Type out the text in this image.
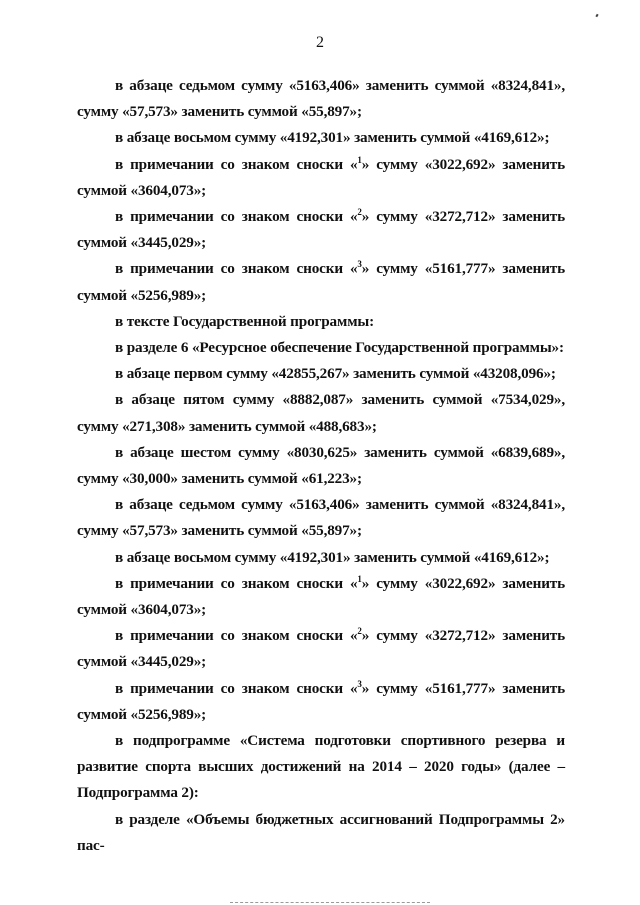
2

в абзаце седьмом сумму «5163,406» заменить суммой «8324,841», сумму «57,573» заменить суммой «55,897»;

в абзаце восьмом сумму «4192,301» заменить суммой «4169,612»;

в примечании со знаком сноски «$^1$» сумму «3022,692» заменить суммой «3604,073»;

в примечании со знаком сноски «$^2$» сумму «3272,712» заменить суммой «3445,029»;

в примечании со знаком сноски «$^3$» сумму «5161,777» заменить суммой «5256,989»;

в тексте Государственной программы:

в разделе 6 «Ресурсное обеспечение Государственной программы»:

в абзаце первом сумму «42855,267» заменить суммой «43208,096»;

в абзаце пятом сумму «8882,087» заменить суммой «7534,029», сумму «271,308» заменить суммой «488,683»;

в абзаце шестом сумму «8030,625» заменить суммой «6839,689», сумму «30,000» заменить суммой «61,223»;

в абзаце седьмом сумму «5163,406» заменить суммой «8324,841», сумму «57,573» заменить суммой «55,897»;

в абзаце восьмом сумму «4192,301» заменить суммой «4169,612»;

в примечании со знаком сноски «$^1$» сумму «3022,692» заменить суммой «3604,073»;

в примечании со знаком сноски «$^2$» сумму «3272,712» заменить суммой «3445,029»;

в примечании со знаком сноски «$^3$» сумму «5161,777» заменить суммой «5256,989»;

в подпрограмме «Система подготовки спортивного резерва и развитие спорта высших достижений на 2014 – 2020 годы» (далее – Подпрограмма 2):

в разделе «Объемы бюджетных ассигнований Подпрограммы 2» пас-
